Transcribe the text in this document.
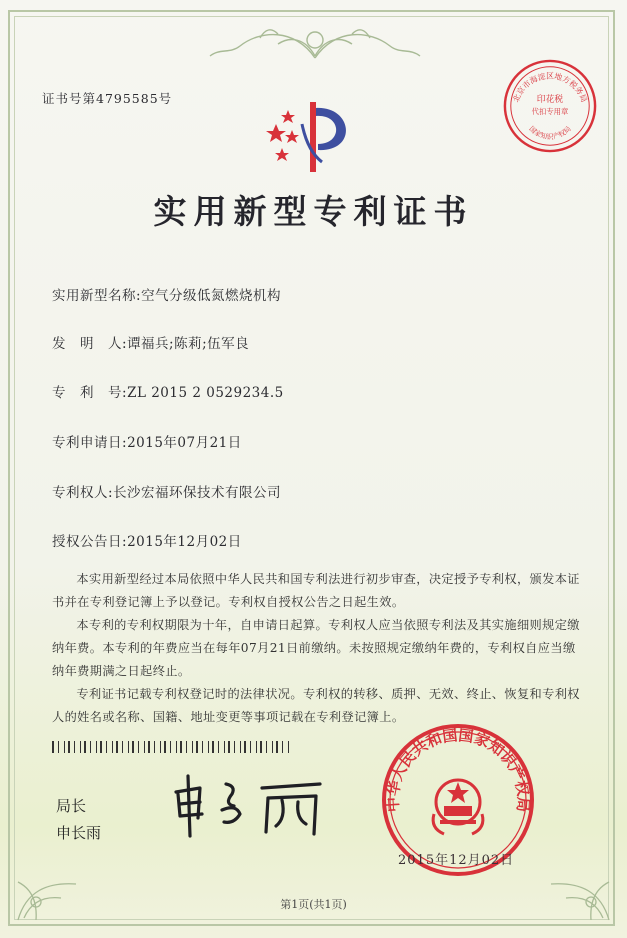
证书号第4795585号	北京市海淀区地方税务局
印花税
代扣专用章
国家知识产权局
实用新型专利证书
实用新型名称:空气分级低氮燃烧机构
发　明　人:谭福兵;陈莉;伍军良
专　利　号:ZL 2015 2 0529234.5
专利申请日:2015年07月21日
专利权人:长沙宏福环保技术有限公司
授权公告日:2015年12月02日

本实用新型经过本局依照中华人民共和国专利法进行初步审查，决定授予专利权，颁发本证书并在专利登记簿上予以登记。专利权自授权公告之日起生效。

本专利的专利权期限为十年，自申请日起算。专利权人应当依照专利法及其实施细则规定缴纳年费。本专利的年费应当在每年07月21日前缴纳。未按照规定缴纳年费的，专利权自应当缴纳年费期满之日起终止。

专利证书记载专利权登记时的法律状况。专利权的转移、质押、无效、终止、恢复和专利权人的姓名或名称、国籍、地址变更等事项记载在专利登记簿上。

局长
申长雨
中华人民共和国国家知识产权局
2015年12月02日
第1页(共1页)
